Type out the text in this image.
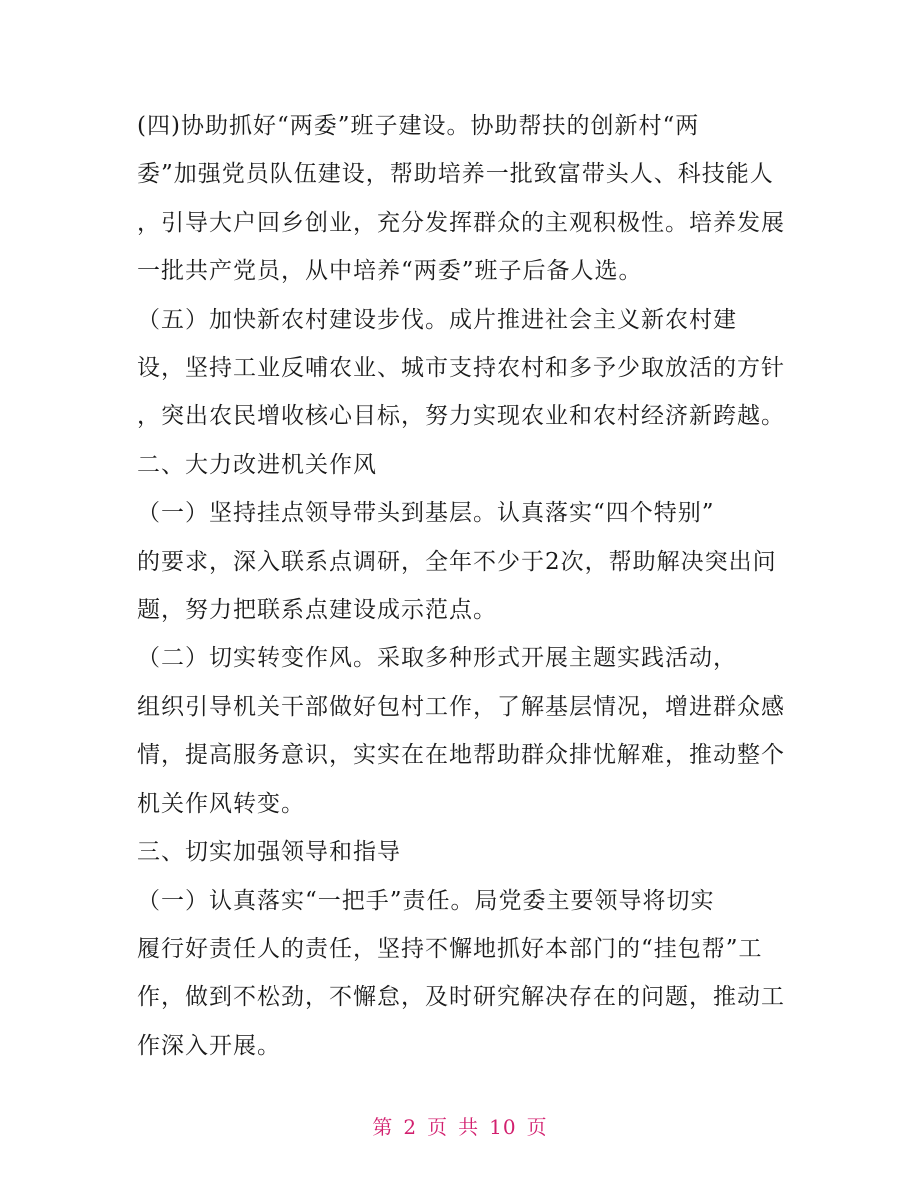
(四)协助抓好“两委”班子建设。协助帮扶的创新村“两

委”加强党员队伍建设，帮助培养一批致富带头人、科技能人

，引导大户回乡创业，充分发挥群众的主观积极性。培养发展

一批共产党员，从中培养“两委”班子后备人选。

（五）加快新农村建设步伐。成片推进社会主义新农村建

设，坚持工业反哺农业、城市支持农村和多予少取放活的方针

，突出农民增收核心目标，努力实现农业和农村经济新跨越。

二、大力改进机关作风

（一）坚持挂点领导带头到基层。认真落实“四个特别”

的要求，深入联系点调研，全年不少于2次，帮助解决突出问

题，努力把联系点建设成示范点。

（二）切实转变作风。采取多种形式开展主题实践活动，

组织引导机关干部做好包村工作，了解基层情况，增进群众感

情，提高服务意识，实实在在地帮助群众排忧解难，推动整个

机关作风转变。

三、切实加强领导和指导

（一）认真落实“一把手”责任。局党委主要领导将切实

履行好责任人的责任，坚持不懈地抓好本部门的“挂包帮”工

作，做到不松劲，不懈怠，及时研究解决存在的问题，推动工

作深入开展。

第 2 页 共 10 页
